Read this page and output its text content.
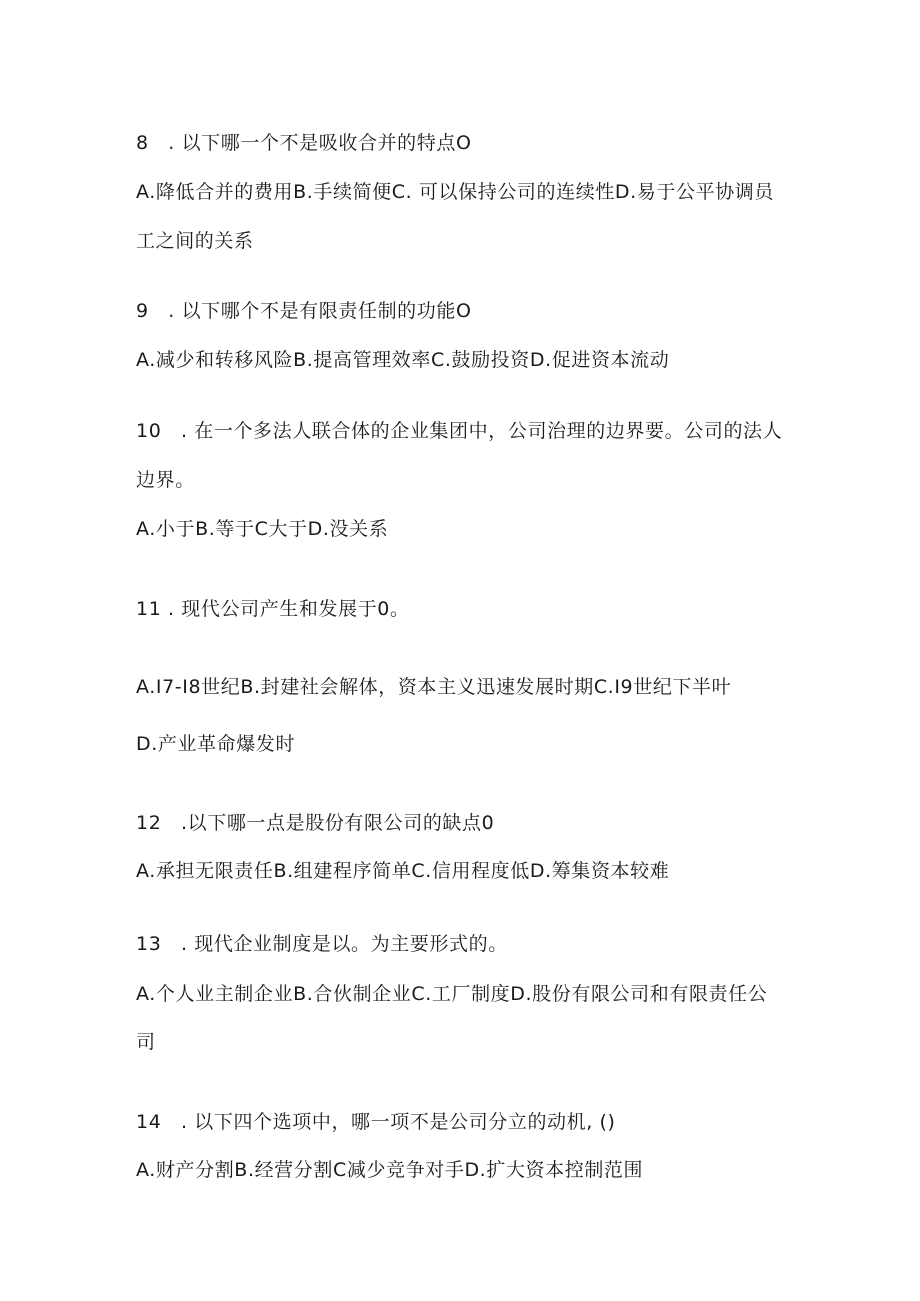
8　. 以下哪一个不是吸收合并的特点O
A.降低合并的费用B.手续简便C. 可以保持公司的连续性D.易于公平协调员
工之间的关系
9　. 以下哪个不是有限责任制的功能O
A.减少和转移风险B.提高管理效率C.鼓励投资D.促进资本流动
10　. 在一个多法人联合体的企业集团中，公司治理的边界要。公司的法人
边界。
A.小于B.等于C大于D.没关系
11 . 现代公司产生和发展于0。
A.I7-I8世纪B.封建社会解体，资本主义迅速发展时期C.I9世纪下半叶
D.产业革命爆发时
12　.以下哪一点是股份有限公司的缺点0
A.承担无限责任B.组建程序简单C.信用程度低D.筹集资本较难
13　. 现代企业制度是以。为主要形式的。
A.个人业主制企业B.合伙制企业C.工厂制度D.股份有限公司和有限责任公
司
14　. 以下四个选项中，哪一项不是公司分立的动机, ()
A.财产分割B.经营分割C减少竞争对手D.扩大资本控制范围
